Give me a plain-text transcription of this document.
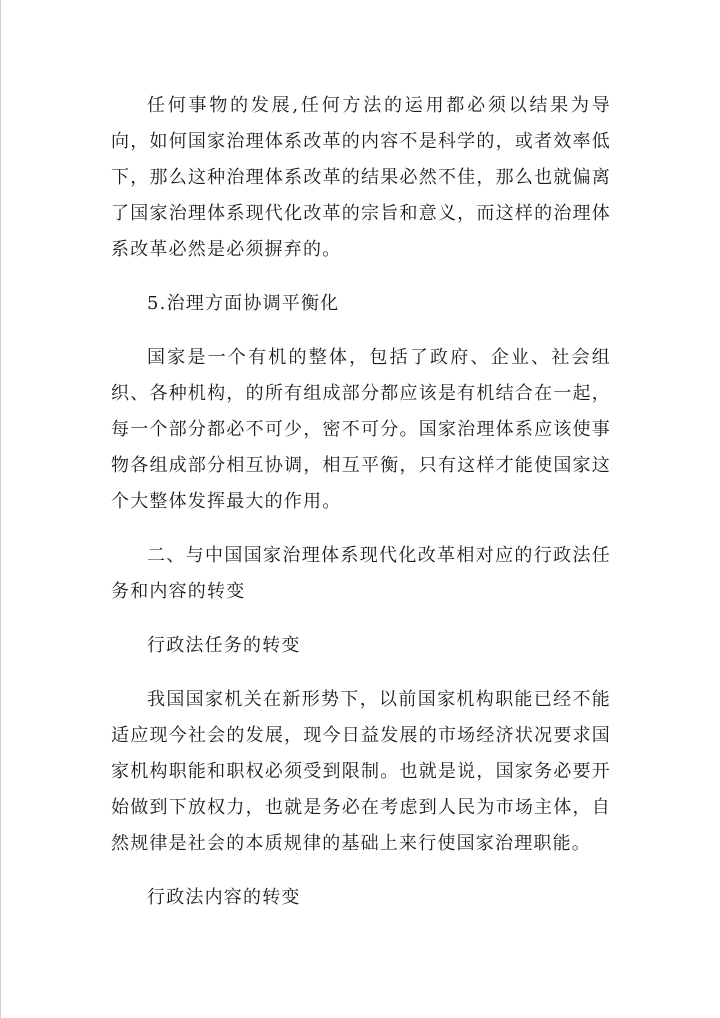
任何事物的发展,任何方法的运用都必须以结果为导向，如何国家治理体系改革的内容不是科学的，或者效率低下，那么这种治理体系改革的结果必然不佳，那么也就偏离了国家治理体系现代化改革的宗旨和意义，而这样的治理体系改革必然是必须摒弃的。

5.治理方面协调平衡化

国家是一个有机的整体，包括了政府、企业、社会组织、各种机构，的所有组成部分都应该是有机结合在一起，每一个部分都必不可少，密不可分。国家治理体系应该使事物各组成部分相互协调，相互平衡，只有这样才能使国家这个大整体发挥最大的作用。

二、与中国国家治理体系现代化改革相对应的行政法任务和内容的转变

行政法任务的转变

我国国家机关在新形势下，以前国家机构职能已经不能适应现今社会的发展，现今日益发展的市场经济状况要求国家机构职能和职权必须受到限制。也就是说，国家务必要开始做到下放权力，也就是务必在考虑到人民为市场主体，自然规律是社会的本质规律的基础上来行使国家治理职能。

行政法内容的转变
